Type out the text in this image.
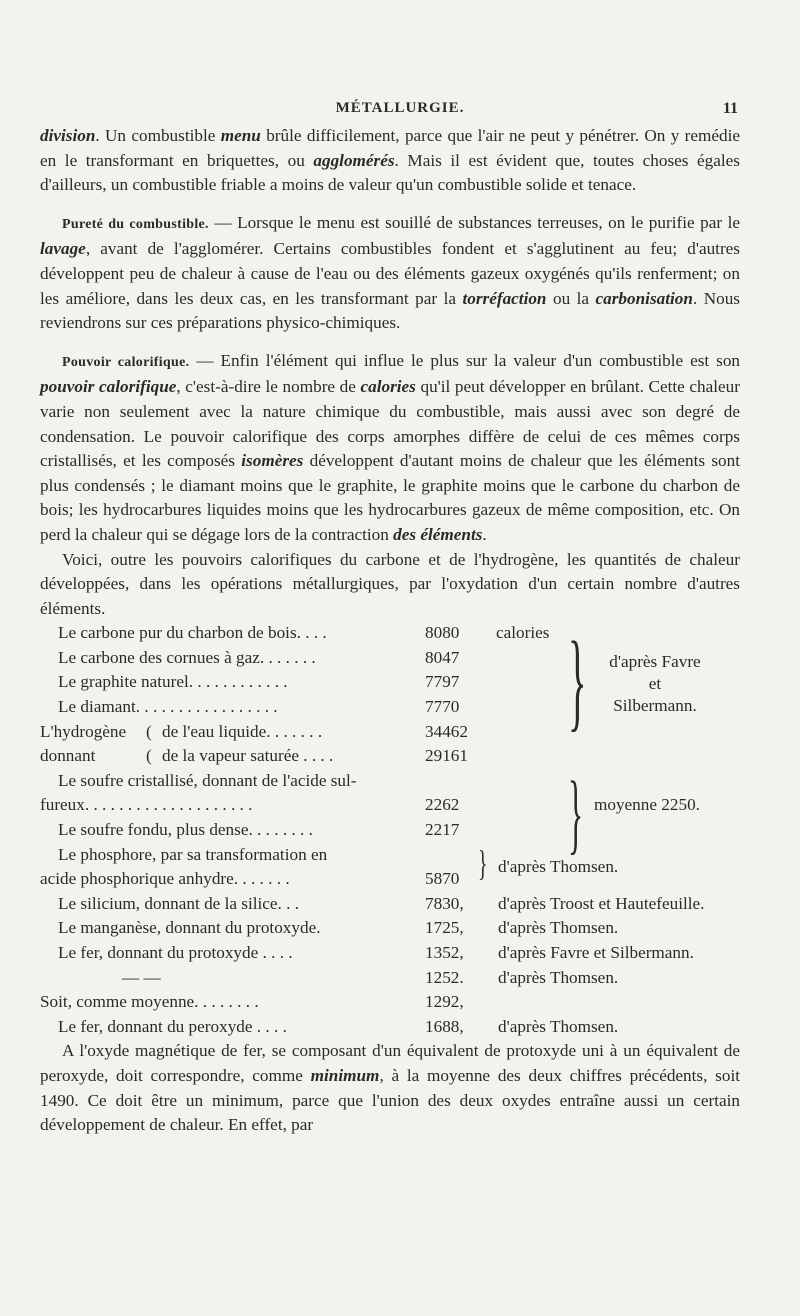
MÉTALLURGIE.	11

division. Un combustible menu brûle difficilement, parce que l'air ne peut y pénétrer. On y remédie en le transformant en briquettes, ou agglomérés. Mais il est évident que, toutes choses égales d'ailleurs, un combustible friable a moins de valeur qu'un combustible solide et tenace.

Pureté du combustible. — Lorsque le menu est souillé de substances terreuses, on le purifie par le lavage, avant de l'agglomérer. Certains combustibles fondent et s'agglutinent au feu; d'autres développent peu de chaleur à cause de l'eau ou des éléments gazeux oxygénés qu'ils renferment; on les améliore, dans les deux cas, en les transformant par la torréfaction ou la carbonisation. Nous reviendrons sur ces préparations physico-chimiques.

Pouvoir calorifique. — Enfin l'élément qui influe le plus sur la valeur d'un combustible est son pouvoir calorifique, c'est-à-dire le nombre de calories qu'il peut développer en brûlant. Cette chaleur varie non seulement avec la nature chimique du combustible, mais aussi avec son degré de condensation. Le pouvoir calorifique des corps amorphes diffère de celui de ces mêmes corps cristallisés, et les composés isomères développent d'autant moins de chaleur que les éléments sont plus condensés ; le diamant moins que le graphite, le graphite moins que le carbone du charbon de bois; les hydrocarbures liquides moins que les hydrocarbures gazeux de même composition, etc. On perd la chaleur qui se dégage lors de la contraction des éléments.

Voici, outre les pouvoirs calorifiques du carbone et de l'hydrogène, les quantités de chaleur développées, dans les opérations métallurgiques, par l'oxydation d'un certain nombre d'autres éléments.

Le carbone pur du charbon de bois. . . .	8080	calories
Le carbone des cornues à gaz. . . . . . .	8047
Le graphite naturel. . . . . . . . . . . .	7797
Le diamant. . . . . . . . . . . . . . . . .	7770
L'hydrogène ( de l'eau liquide. . . . . . .	34462
donnant	( de la vapeur saturée . . . .	29161
}	d'après Favre
et
Silbermann.
Le soufre cristallisé, donnant de l'acide sul-
fureux. . . . . . . . . . . . . . . . . . . .	2262
Le soufre fondu, plus dense. . . . . . . .	2217 } moyenne 2250.
Le phosphore, par sa transformation en
acide phosphorique anhydre. . . . . . .	5870 } d'après Thomsen.
Le silicium, donnant de la silice. . .	7830,	d'après Troost et Hautefeuille.
Le manganèse, donnant du protoxyde.	1725,	d'après Thomsen.
Le fer, donnant du protoxyde . . . .	1352,	d'après Favre et Silbermann.
— —	1252.	d'après Thomsen.
Soit, comme moyenne. . . . . . . .	1292,
Le fer, donnant du peroxyde . . . .	1688,	d'après Thomsen.

A l'oxyde magnétique de fer, se composant d'un équivalent de protoxyde uni à un équivalent de peroxyde, doit correspondre, comme minimum, à la moyenne des deux chiffres précédents, soit 1490. Ce doit être un minimum, parce que l'union des deux oxydes entraîne aussi un certain développement de chaleur. En effet, par
